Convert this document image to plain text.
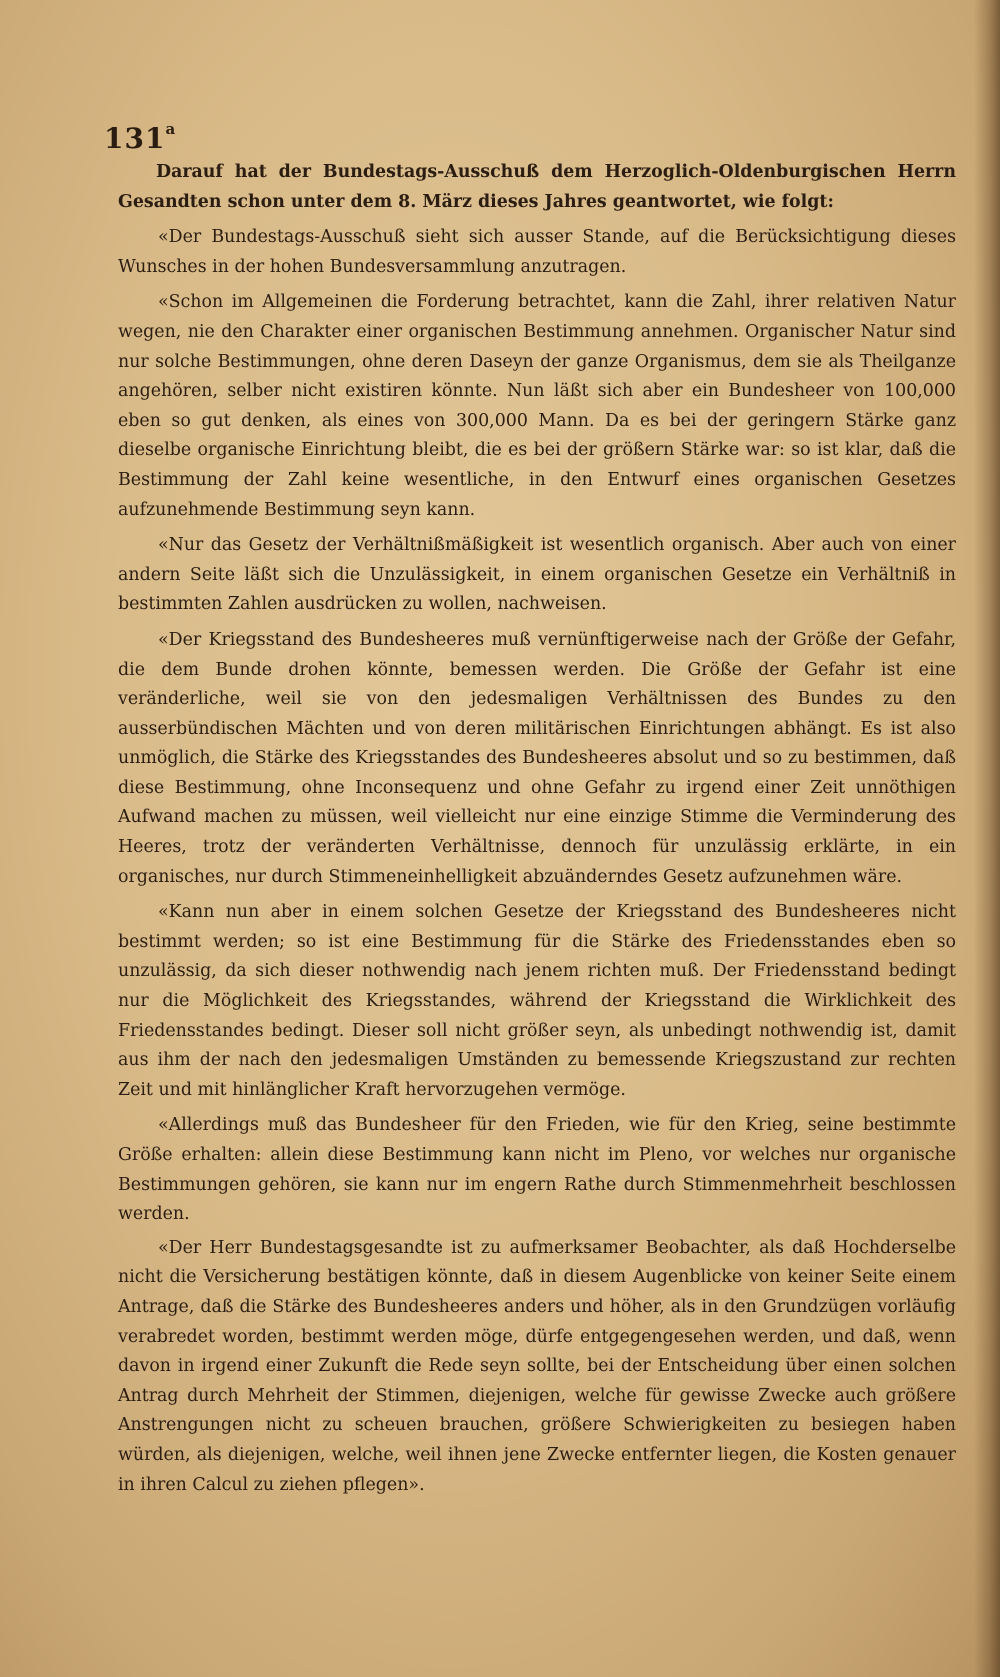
131$^a$

Darauf hat der Bundestags-Ausschuß dem Herzoglich-Oldenburgischen Herrn Gesandten schon unter dem 8. März dieses Jahres geantwortet, wie folgt:

«Der Bundestags-Ausschuß sieht sich ausser Stande, auf die Berücksichtigung dieses Wunsches in der hohen Bundesversammlung anzutragen.

«Schon im Allgemeinen die Forderung betrachtet, kann die Zahl, ihrer relativen Natur wegen, nie den Charakter einer organischen Bestimmung annehmen. Organischer Natur sind nur solche Bestimmungen, ohne deren Daseyn der ganze Organismus, dem sie als Theilganze angehören, selber nicht existiren könnte. Nun läßt sich aber ein Bundesheer von 100,000 eben so gut denken, als eines von 300,000 Mann. Da es bei der geringern Stärke ganz dieselbe organische Einrichtung bleibt, die es bei der größern Stärke war: so ist klar, daß die Bestimmung der Zahl keine wesentliche, in den Entwurf eines organischen Gesetzes aufzunehmende Bestimmung seyn kann.

«Nur das Gesetz der Verhältnißmäßigkeit ist wesentlich organisch. Aber auch von einer andern Seite läßt sich die Unzulässigkeit, in einem organischen Gesetze ein Verhältniß in bestimmten Zahlen ausdrücken zu wollen, nachweisen.

«Der Kriegsstand des Bundesheeres muß vernünftigerweise nach der Größe der Gefahr, die dem Bunde drohen könnte, bemessen werden. Die Größe der Gefahr ist eine veränderliche, weil sie von den jedesmaligen Verhältnissen des Bundes zu den ausserbündischen Mächten und von deren militärischen Einrichtungen abhängt. Es ist also unmöglich, die Stärke des Kriegsstandes des Bundesheeres absolut und so zu bestimmen, daß diese Bestimmung, ohne Inconsequenz und ohne Gefahr zu irgend einer Zeit unnöthigen Aufwand machen zu müssen, weil vielleicht nur eine einzige Stimme die Verminderung des Heeres, trotz der veränderten Verhältnisse, dennoch für unzulässig erklärte, in ein organisches, nur durch Stimmeneinhelligkeit abzuänderndes Gesetz aufzunehmen wäre.

«Kann nun aber in einem solchen Gesetze der Kriegsstand des Bundesheeres nicht bestimmt werden; so ist eine Bestimmung für die Stärke des Friedensstandes eben so unzulässig, da sich dieser nothwendig nach jenem richten muß. Der Friedensstand bedingt nur die Möglichkeit des Kriegsstandes, während der Kriegsstand die Wirklichkeit des Friedensstandes bedingt. Dieser soll nicht größer seyn, als unbedingt nothwendig ist, damit aus ihm der nach den jedesmaligen Umständen zu bemessende Kriegszustand zur rechten Zeit und mit hinlänglicher Kraft hervorzugehen vermöge.

«Allerdings muß das Bundesheer für den Frieden, wie für den Krieg, seine bestimmte Größe erhalten: allein diese Bestimmung kann nicht im Pleno, vor welches nur organische Bestimmungen gehören, sie kann nur im engern Rathe durch Stimmenmehrheit beschlossen werden.

«Der Herr Bundestagsgesandte ist zu aufmerksamer Beobachter, als daß Hochderselbe nicht die Versicherung bestätigen könnte, daß in diesem Augenblicke von keiner Seite einem Antrage, daß die Stärke des Bundesheeres anders und höher, als in den Grundzügen vorläufig verabredet worden, bestimmt werden möge, dürfe entgegengesehen werden, und daß, wenn davon in irgend einer Zukunft die Rede seyn sollte, bei der Entscheidung über einen solchen Antrag durch Mehrheit der Stimmen, diejenigen, welche für gewisse Zwecke auch größere Anstrengungen nicht zu scheuen brauchen, größere Schwierigkeiten zu besiegen haben würden, als diejenigen, welche, weil ihnen jene Zwecke entfernter liegen, die Kosten genauer in ihren Calcul zu ziehen pflegen».
